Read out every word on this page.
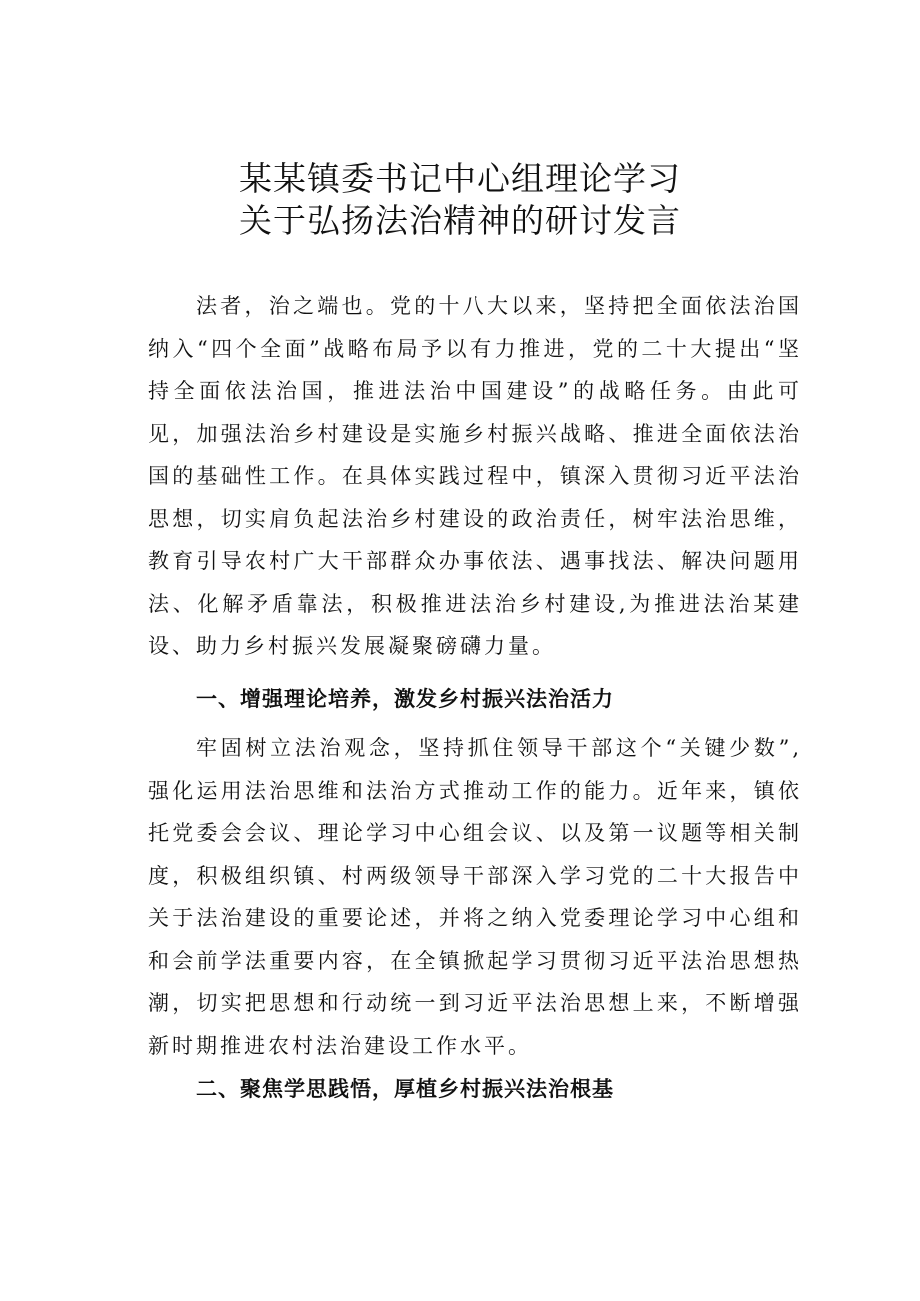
某某镇委书记中心组理论学习
关于弘扬法治精神的研讨发言

法者，治之端也。党的十八大以来，坚持把全面依法治国纳入“四个全面”战略布局予以有力推进，党的二十大提出“坚持全面依法治国，推进法治中国建设”的战略任务。由此可见，加强法治乡村建设是实施乡村振兴战略、推进全面依法治国的基础性工作。在具体实践过程中，镇深入贯彻习近平法治思想，切实肩负起法治乡村建设的政治责任，树牢法治思维，教育引导农村广大干部群众办事依法、遇事找法、解决问题用法、化解矛盾靠法，积极推进法治乡村建设,为推进法治某建设、助力乡村振兴发展凝聚磅礴力量。

一、增强理论培养，激发乡村振兴法治活力

牢固树立法治观念，坚持抓住领导干部这个“关键少数”,强化运用法治思维和法治方式推动工作的能力。近年来，镇依托党委会会议、理论学习中心组会议、以及第一议题等相关制度，积极组织镇、村两级领导干部深入学习党的二十大报告中关于法治建设的重要论述，并将之纳入党委理论学习中心组和和会前学法重要内容，在全镇掀起学习贯彻习近平法治思想热潮，切实把思想和行动统一到习近平法治思想上来，不断增强新时期推进农村法治建设工作水平。

二、聚焦学思践悟，厚植乡村振兴法治根基
